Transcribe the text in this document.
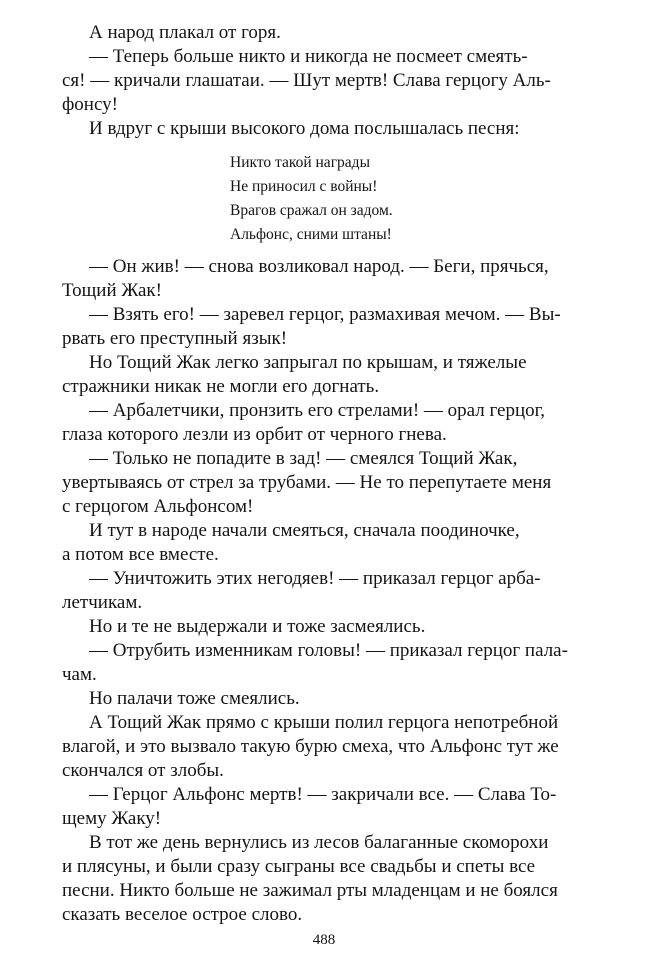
А народ плакал от горя.

— Теперь больше никто и никогда не посмеет смеять-
ся! — кричали глашатаи. — Шут мертв! Слава герцогу Аль-
фонсу!

И вдруг с крыши высокого дома послышалась песня:

Никто такой награды
Не приносил с войны!
Врагов сражал он задом.
Альфонс, сними штаны!

— Он жив! — снова возликовал народ. — Беги, прячься,
Тощий Жак!

— Взять его! — заревел герцог, размахивая мечом. — Вы-
рвать его преступный язык!

Но Тощий Жак легко запрыгал по крышам, и тяжелые
стражники никак не могли его догнать.

— Арбалетчики, пронзить его стрелами! — орал герцог,
глаза которого лезли из орбит от черного гнева.

— Только не попадите в зад! — смеялся Тощий Жак,
увертываясь от стрел за трубами. — Не то перепутаете меня
с герцогом Альфонсом!

И тут в народе начали смеяться, сначала поодиночке,
а потом все вместе.

— Уничтожить этих негодяев! — приказал герцог арба-
летчикам.

Но и те не выдержали и тоже засмеялись.

— Отрубить изменникам головы! — приказал герцог пала-
чам.

Но палачи тоже смеялись.

А Тощий Жак прямо с крыши полил герцога непотребной
влагой, и это вызвало такую бурю смеха, что Альфонс тут же
скончался от злобы.

— Герцог Альфонс мертв! — закричали все. — Слава То-
щему Жаку!

В тот же день вернулись из лесов балаганные скоморохи
и плясуны, и были сразу сыграны все свадьбы и спеты все
песни. Никто больше не зажимал рты младенцам и не боялся
сказать веселое острое слово.

488
